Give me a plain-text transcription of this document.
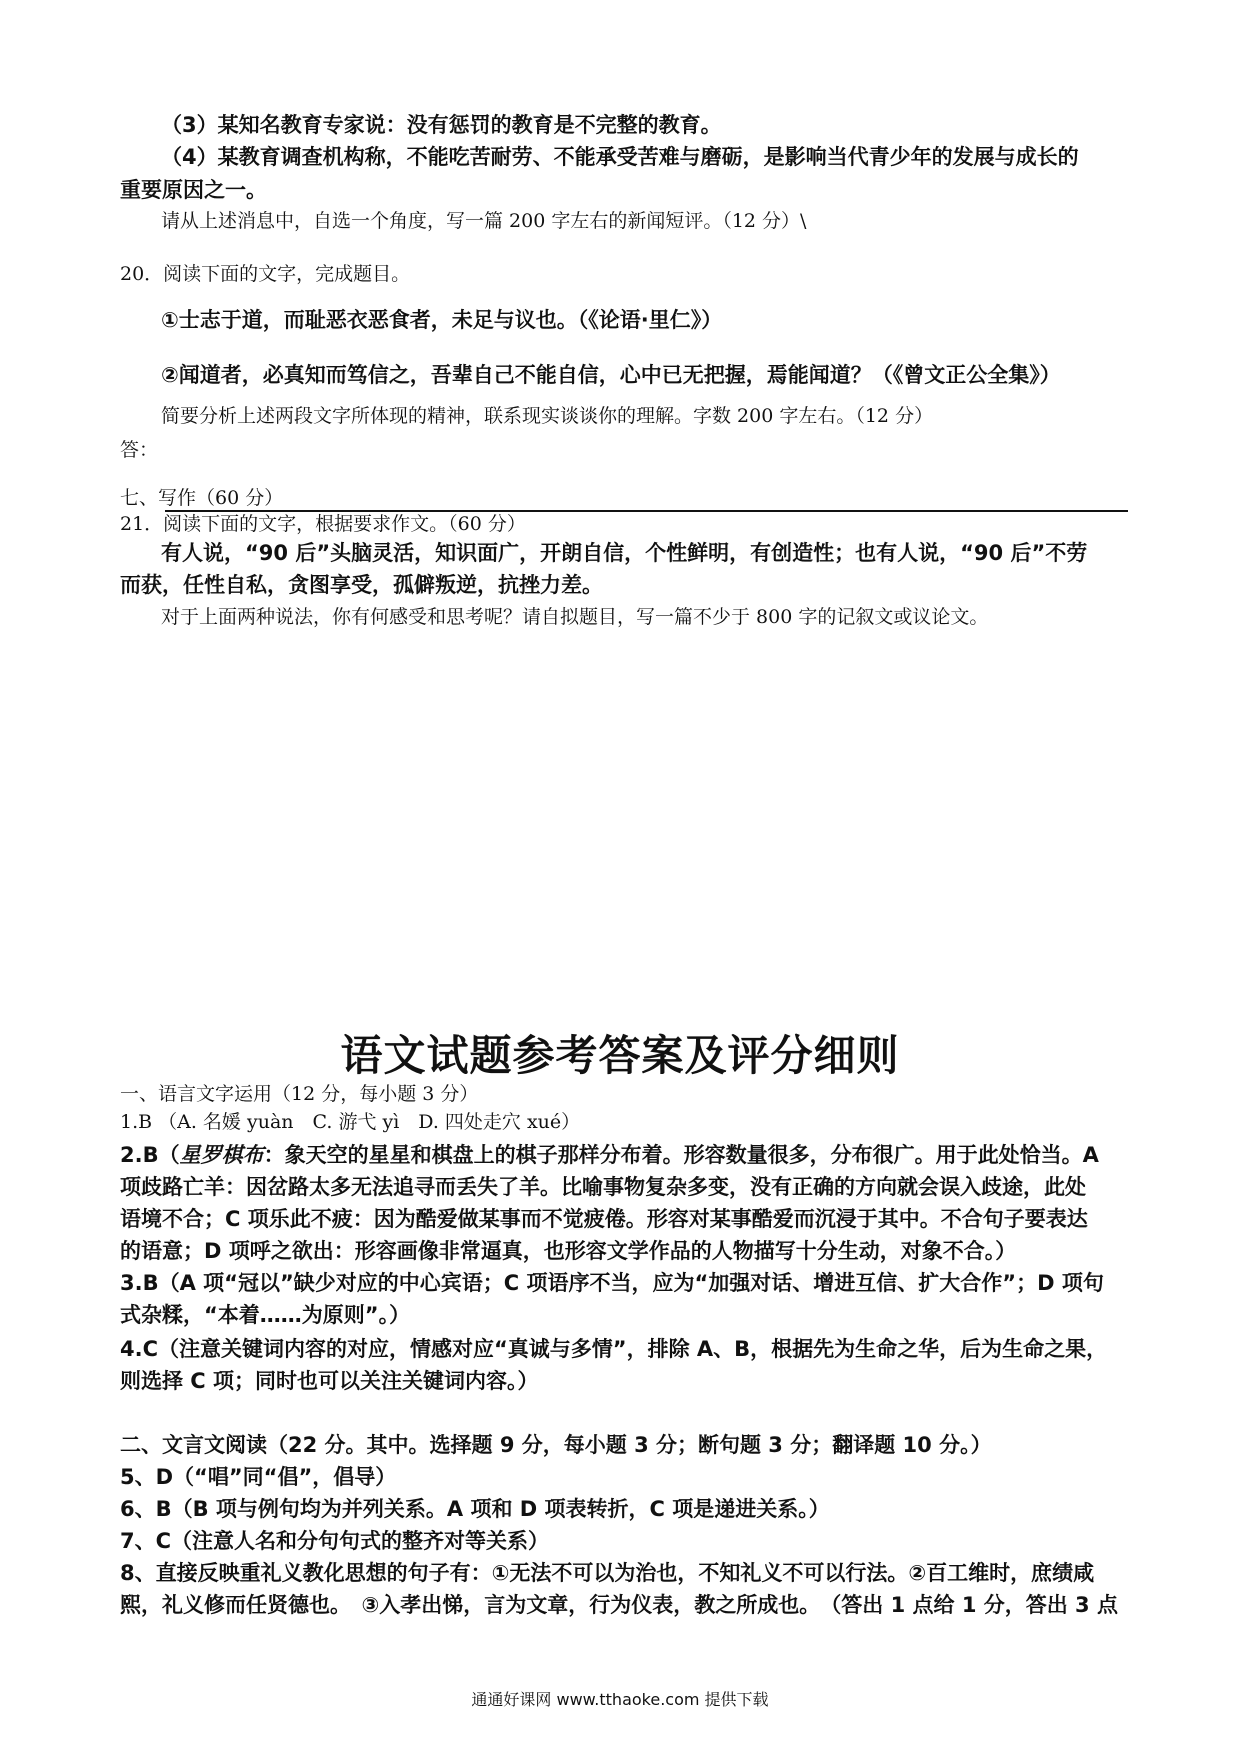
（3）某知名教育专家说：没有惩罚的教育是不完整的教育。
（4）某教育调查机构称，不能吃苦耐劳、不能承受苦难与磨砺，是影响当代青少年的发展与成长的
重要原因之一。
请从上述消息中，自选一个角度，写一篇 200 字左右的新闻短评。（12 分）\
20．阅读下面的文字，完成题目。
①士志于道，而耻恶衣恶食者，未足与议也。（《论语·里仁》）
②闻道者，必真知而笃信之，吾辈自己不能自信，心中已无把握，焉能闻道？（《曾文正公全集》）
简要分析上述两段文字所体现的精神，联系现实谈谈你的理解。字数 200 字左右。（12 分）
答：
七、写作（60 分）
21．阅读下面的文字，根据要求作文。（60 分）
有人说，“90 后”头脑灵活，知识面广，开朗自信，个性鲜明，有创造性；也有人说，“90 后”不劳
而获，任性自私，贪图享受，孤僻叛逆，抗挫力差。
对于上面两种说法，你有何感受和思考呢？请自拟题目，写一篇不少于 800 字的记叙文或议论文。
语文试题参考答案及评分细则
一、语言文字运用（12 分，每小题 3 分）
1.B （A. 名媛 yuàn　C. 游弋 yì　D. 四处走穴 xué）
2.B（星罗棋布：象天空的星星和棋盘上的棋子那样分布着。形容数量很多，分布很广。用于此处恰当。A
项歧路亡羊：因岔路太多无法追寻而丢失了羊。比喻事物复杂多变，没有正确的方向就会误入歧途，此处
语境不合；C 项乐此不疲：因为酷爱做某事而不觉疲倦。形容对某事酷爱而沉浸于其中。不合句子要表达
的语意；D 项呼之欲出：形容画像非常逼真，也形容文学作品的人物描写十分生动，对象不合。）
3.B（A 项“冠以”缺少对应的中心宾语；C 项语序不当，应为“加强对话、增进互信、扩大合作”；D 项句
式杂糅，“本着……为原则”。）
4.C（注意关键词内容的对应，情感对应“真诚与多情”，排除 A、B，根据先为生命之华，后为生命之果，
则选择 C 项；同时也可以关注关键词内容。）
二、文言文阅读（22 分。其中。选择题 9 分，每小题 3 分；断句题 3 分；翻译题 10 分。）
5、D（“唱”同“倡”，倡导）
6、B（B 项与例句均为并列关系。A 项和 D 项表转折，C 项是递进关系。）
7、C（注意人名和分句句式的整齐对等关系）
8、直接反映重礼义教化思想的句子有：①无法不可以为治也，不知礼义不可以行法。②百工维时，庶绩咸
熙，礼义修而任贤德也。　③入孝出悌，言为文章，行为仪表，教之所成也。　（答出 1 点给 1 分，答出 3 点
通通好课网 www.tthaoke.com 提供下载
